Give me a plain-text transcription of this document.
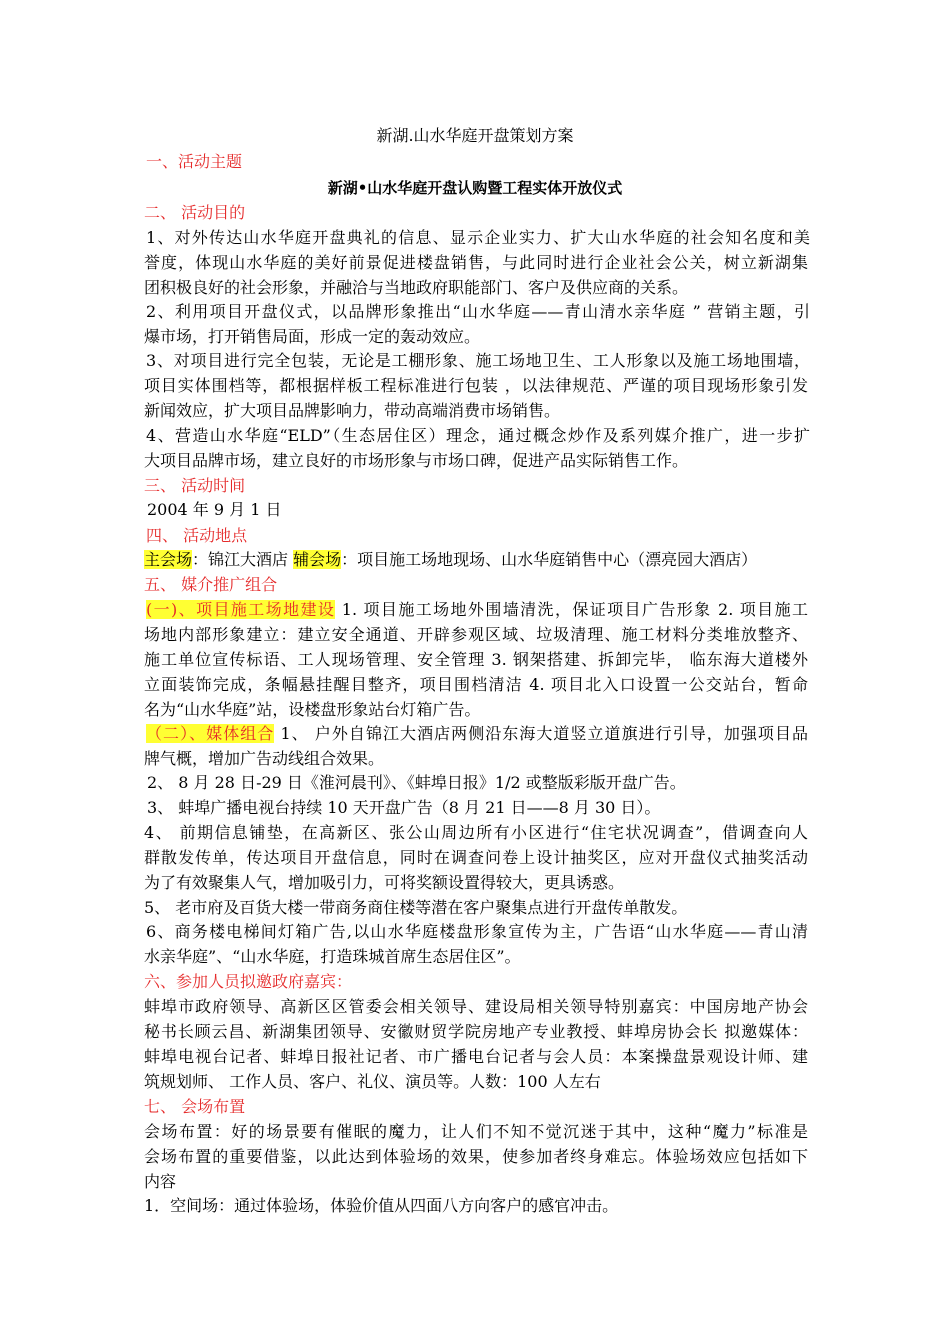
新湖.山水华庭开盘策划方案
一、活动主题
新湖•山水华庭开盘认购暨工程实体开放仪式
二、 活动目的
1、对外传达山水华庭开盘典礼的信息、显示企业实力、扩大山水华庭的社会知名度和美
誉度，体现山水华庭的美好前景促进楼盘销售，与此同时进行企业社会公关，树立新湖集
团积极良好的社会形象，并融洽与当地政府职能部门、客户及供应商的关系。
2、利用项目开盘仪式，以品牌形象推出“山水华庭——青山清水亲华庭 ” 营销主题，引
爆市场，打开销售局面，形成一定的轰动效应。
3、对项目进行完全包装，无论是工棚形象、施工场地卫生、工人形象以及施工场地围墙，
项目实体围档等，都根据样板工程标准进行包装 ，以法律规范、严谨的项目现场形象引发
新闻效应，扩大项目品牌影响力，带动高端消费市场销售。
4、营造山水华庭“ELD”（生态居住区）理念，通过概念炒作及系列媒介推广，进一步扩
大项目品牌市场，建立良好的市场形象与市场口碑，促进产品实际销售工作。
三、 活动时间
2004 年 9 月 1 日
四、 活动地点
主会场：锦江大酒店 辅会场：项目施工场地现场、山水华庭销售中心（漂亮园大酒店）
五、 媒介推广组合
(一)、项目施工场地建设 1. 项目施工场地外围墙清洗，保证项目广告形象 2. 项目施工
场地内部形象建立：建立安全通道、开辟参观区域、垃圾清理、施工材料分类堆放整齐、
施工单位宣传标语、工人现场管理、安全管理 3. 钢架搭建、拆卸完毕， 临东海大道楼外
立面装饰完成，条幅悬挂醒目整齐，项目围档清洁 4. 项目北入口设置一公交站台，暂命
名为“山水华庭”站，设楼盘形象站台灯箱广告。
（二）、媒体组合 1、 户外自锦江大酒店两侧沿东海大道竖立道旗进行引导，加强项目品
牌气概，增加广告动线组合效果。
2、 8 月 28 日-29 日《淮河晨刊》、《蚌埠日报》1/2 或整版彩版开盘广告。
3、 蚌埠广播电视台持续 10 天开盘广告（8 月 21 日——8 月 30 日）。
4、 前期信息铺垫，在高新区、张公山周边所有小区进行“住宅状况调查”，借调查向人
群散发传单，传达项目开盘信息，同时在调查问卷上设计抽奖区，应对开盘仪式抽奖活动
为了有效聚集人气，增加吸引力，可将奖额设置得较大，更具诱惑。
5、 老市府及百货大楼一带商务商住楼等潜在客户聚集点进行开盘传单散发。
6、商务楼电梯间灯箱广告,以山水华庭楼盘形象宣传为主，广告语“山水华庭——青山清
水亲华庭”、“山水华庭，打造珠城首席生态居住区”。
六、参加人员拟邀政府嘉宾：
蚌埠市政府领导、高新区区管委会相关领导、建设局相关领导特别嘉宾：中国房地产协会
秘书长顾云昌、新湖集团领导、安徽财贸学院房地产专业教授、蚌埠房协会长 拟邀媒体：
蚌埠电视台记者、蚌埠日报社记者、市广播电台记者与会人员：本案操盘景观设计师、建
筑规划师、 工作人员、客户、礼仪、演员等。人数：100 人左右
七、 会场布置
会场布置：好的场景要有催眠的魔力，让人们不知不觉沉迷于其中，这种“魔力”标准是
会场布置的重要借鉴，以此达到体验场的效果，使参加者终身难忘。体验场效应包括如下
内容
1．空间场：通过体验场，体验价值从四面八方向客户的感官冲击。
